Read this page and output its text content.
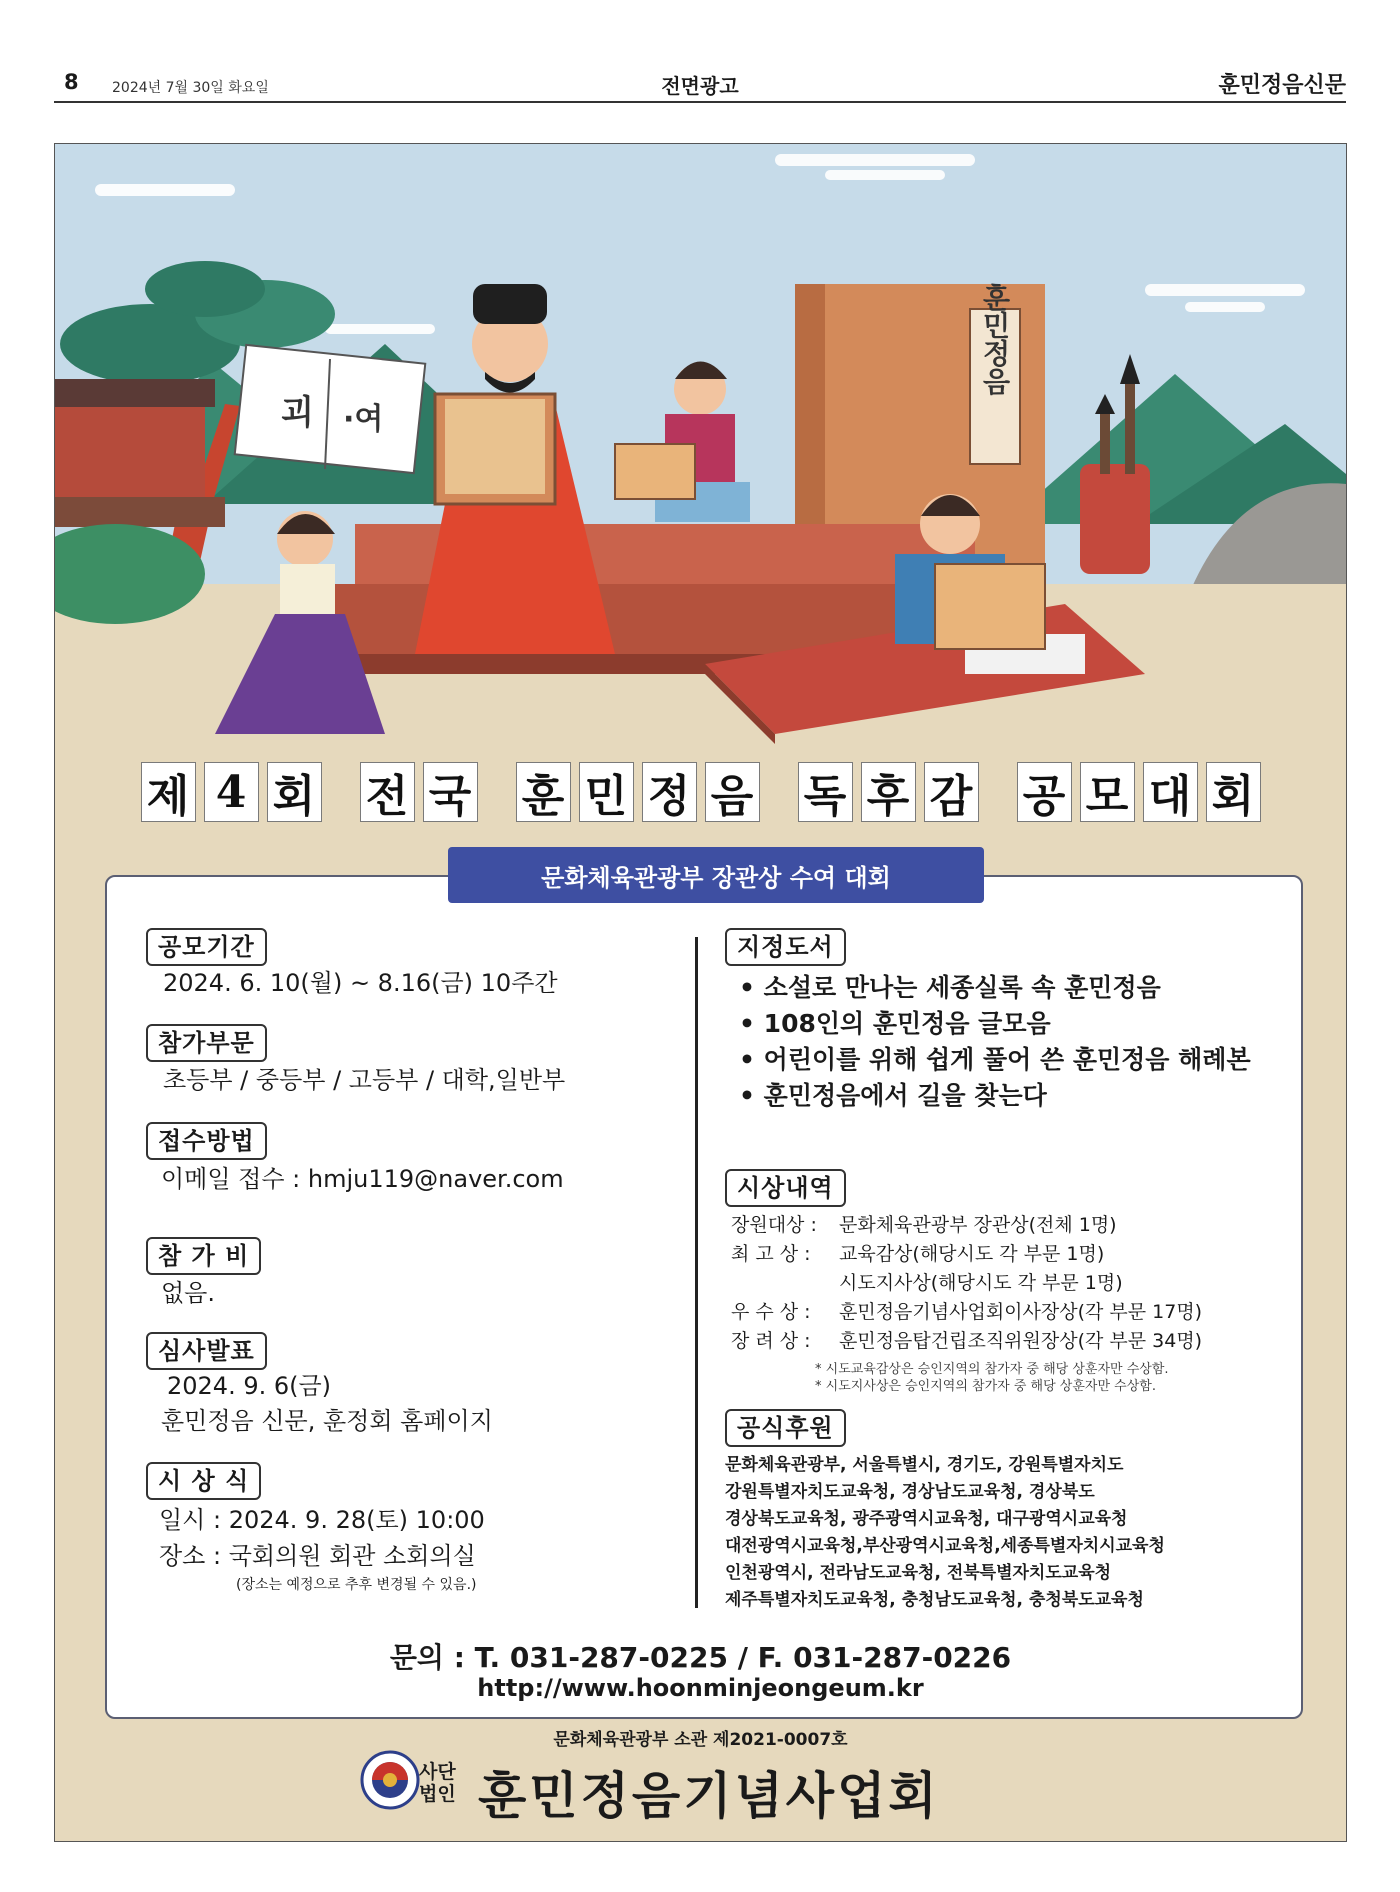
8 2024년 7월 30일 화요일	전면광고	훈민정음신문
훈민정음
괴 ·여
제 4 회 전 국 훈 민 정 음 독 후 감 공 모 대 회
문화체육관광부 장관상 수여 대회
공모기간
2024. 6. 10(월) ~ 8.16(금) 10주간
참가부문
초등부 / 중등부 / 고등부 / 대학,일반부
접수방법
이메일 접수 : hmju119@naver.com
참 가 비
없음.
심사발표
2024. 9. 6(금)
훈민정음 신문, 훈정회 홈페이지
시 상 식
일시 : 2024. 9. 28(토) 10:00
장소 : 국회의원 회관 소회의실
(장소는 예정으로 추후 변경될 수 있음.)
지정도서
• 소설로 만나는 세종실록 속 훈민정음
• 108인의 훈민정음 글모음
• 어린이를 위해 쉽게 풀어 쓴 훈민정음 해례본
• 훈민정음에서 길을 찾는다
시상내역
장원대상 : 문화체육관광부 장관상(전체 1명)
최 고 상 : 교육감상(해당시도 각 부문 1명)
시도지사상(해당시도 각 부문 1명)
우 수 상 : 훈민정음기념사업회이사장상(각 부문 17명)
장 려 상 : 훈민정음탑건립조직위원장상(각 부문 34명)
* 시도교육감상은 승인지역의 참가자 중 해당 상훈자만 수상함.
* 시도지사상은 승인지역의 참가자 중 해당 상훈자만 수상함.
공식후원
문화체육관광부, 서울특별시, 경기도, 강원특별자치도
강원특별자치도교육청, 경상남도교육청, 경상북도
경상북도교육청, 광주광역시교육청, 대구광역시교육청
대전광역시교육청,부산광역시교육청,세종특별자치시교육청
인천광역시, 전라남도교육청, 전북특별자치도교육청
제주특별자치도교육청, 충청남도교육청, 충청북도교육청
문의 : T. 031-287-0225 / F. 031-287-0226
http://www.hoonminjeongeum.kr
문화체육관광부 소관 제2021-0007호
사단
법인 훈민정음기념사업회
